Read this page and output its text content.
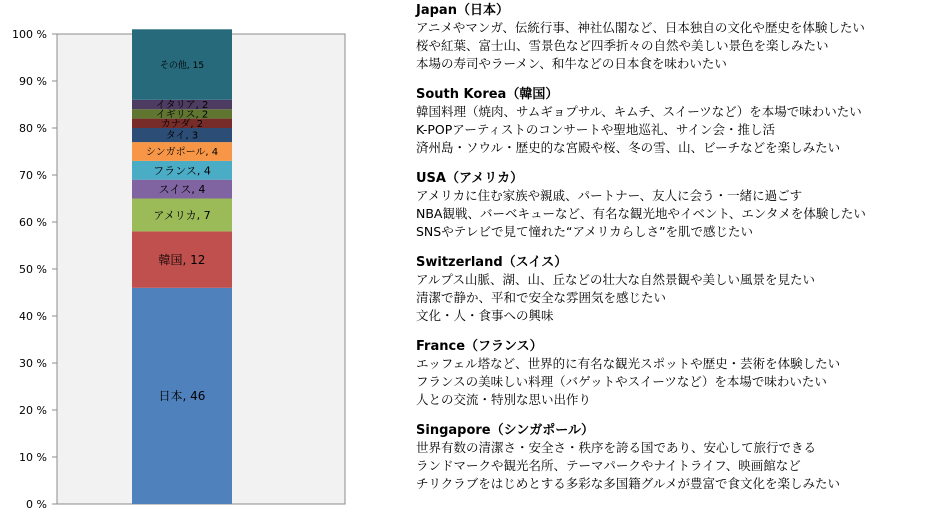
0 %
10 %
20 %
30 %
40 %
50 %
60 %
70 %
80 %
90 %
100 %
日本, 46
韓国, 12
アメリカ, 7
スイス, 4
フランス, 4
シンガポール, 4
タイ, 3
カナダ, 2
イギリス, 2
イタリア, 2
その他, 15
Japan（日本）
アニメやマンガ、伝統行事、神社仏閣など、日本独自の文化や歴史を体験したい
桜や紅葉、富士山、雪景色など四季折々の自然や美しい景色を楽しみたい
本場の寿司やラーメン、和牛などの日本食を味わいたい
South Korea（韓国）
韓国料理（焼肉、サムギョプサル、キムチ、スイーツなど）を本場で味わいたい
K-POPアーティストのコンサートや聖地巡礼、サイン会・推し活
済州島・ソウル・歴史的な宮殿や桜、冬の雪、山、ビーチなどを楽しみたい
USA（アメリカ）
アメリカに住む家族や親戚、パートナー、友人に会う・一緒に過ごす
NBA観戦、バーベキューなど、有名な観光地やイベント、エンタメを体験したい
SNSやテレビで見て憧れた“アメリカらしさ”を肌で感じたい
Switzerland（スイス）
アルプス山脈、湖、山、丘などの壮大な自然景観や美しい風景を見たい
清潔で静か、平和で安全な雰囲気を感じたい
文化・人・食事への興味
France（フランス）
エッフェル塔など、世界的に有名な観光スポットや歴史・芸術を体験したい
フランスの美味しい料理（バゲットやスイーツなど）を本場で味わいたい
人との交流・特別な思い出作り
Singapore（シンガポール）
世界有数の清潔さ・安全さ・秩序を誇る国であり、安心して旅行できる
ランドマークや観光名所、テーマパークやナイトライフ、映画館など
チリクラブをはじめとする多彩な多国籍グルメが豊富で食文化を楽しみたい
